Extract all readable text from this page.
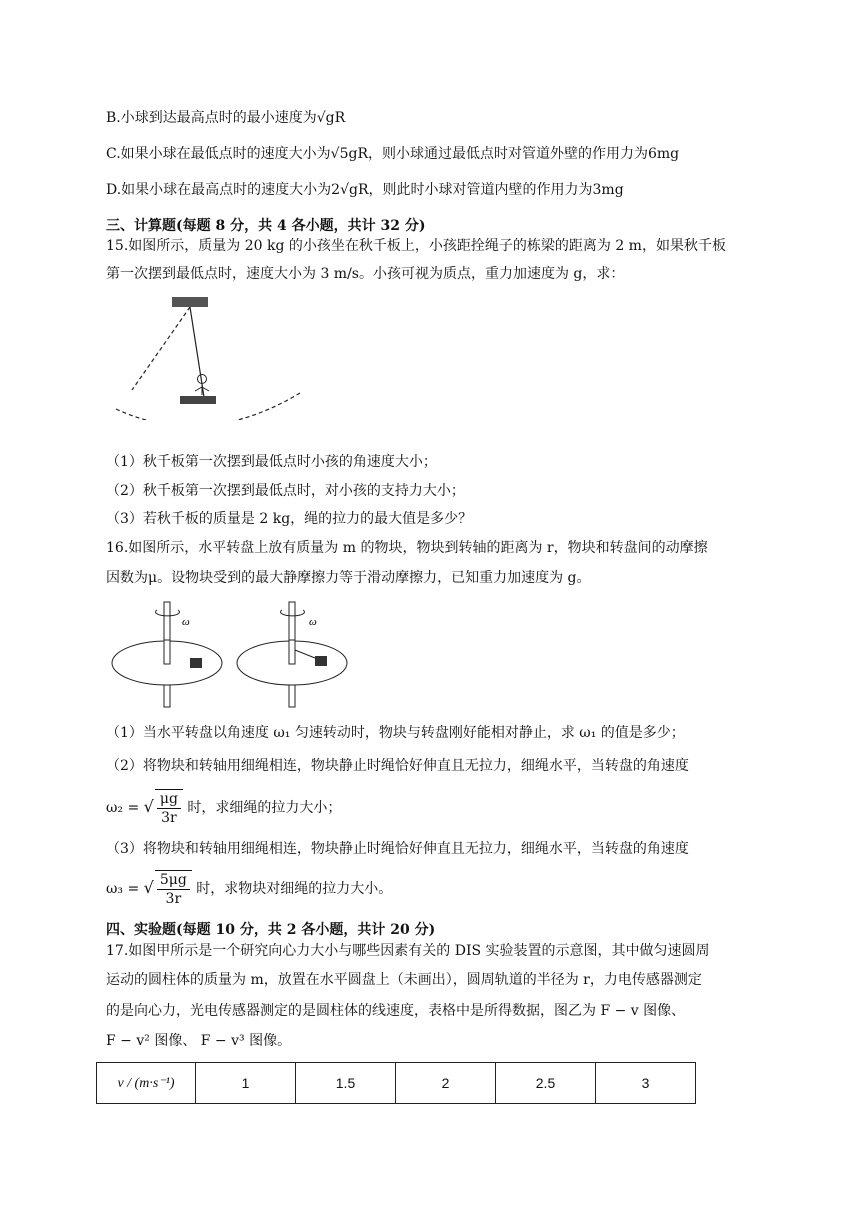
B.小球到达最高点时的最小速度为√gR
C.如果小球在最低点时的速度大小为√5gR，则小球通过最低点时对管道外壁的作用力为6mg
D.如果小球在最高点时的速度大小为2√gR，则此时小球对管道内壁的作用力为3mg
三、计算题(每题 8 分，共 4 各小题，共计 32 分)
15.如图所示，质量为 20 kg 的小孩坐在秋千板上，小孩距拴绳子的栋梁的距离为 2 m，如果秋千板
第一次摆到最低点时，速度大小为 3 m/s。小孩可视为质点，重力加速度为 g，求：
（1）秋千板第一次摆到最低点时小孩的角速度大小；
（2）秋千板第一次摆到最低点时，对小孩的支持力大小；
（3）若秋千板的质量是 2 kg，绳的拉力的最大值是多少？
16.如图所示，水平转盘上放有质量为 m 的物块，物块到转轴的距离为 r，物块和转盘间的动摩擦
因数为μ。设物块受到的最大静摩擦力等于滑动摩擦力，已知重力加速度为 g。
ω	ω
（1）当水平转盘以角速度 ω₁ 匀速转动时，物块与转盘刚好能相对静止，求 ω₁ 的值是多少；
（2）将物块和转轴用细绳相连，物块静止时绳恰好伸直且无拉力，细绳水平，当转盘的角速度
ω₂ = √ $\frac{\mu g}{3r}$ 时，求细绳的拉力大小；
（3）将物块和转轴用细绳相连，物块静止时绳恰好伸直且无拉力，细绳水平，当转盘的角速度
ω₃ = √ $\frac{5\mu g}{3r}$ 时，求物块对细绳的拉力大小。
四、实验题(每题 10 分，共 2 各小题，共计 20 分)
17.如图甲所示是一个研究向心力大小与哪些因素有关的 DIS 实验装置的示意图，其中做匀速圆周
运动的圆柱体的质量为 m，放置在水平圆盘上（未画出），圆周轨道的半径为 r，力电传感器测定
的是向心力，光电传感器测定的是圆柱体的线速度，表格中是所得数据，图乙为 F − v 图像、
F − v² 图像、 F − v³ 图像。
v / (m·s⁻¹)	1	1.5	2	2.5	3
